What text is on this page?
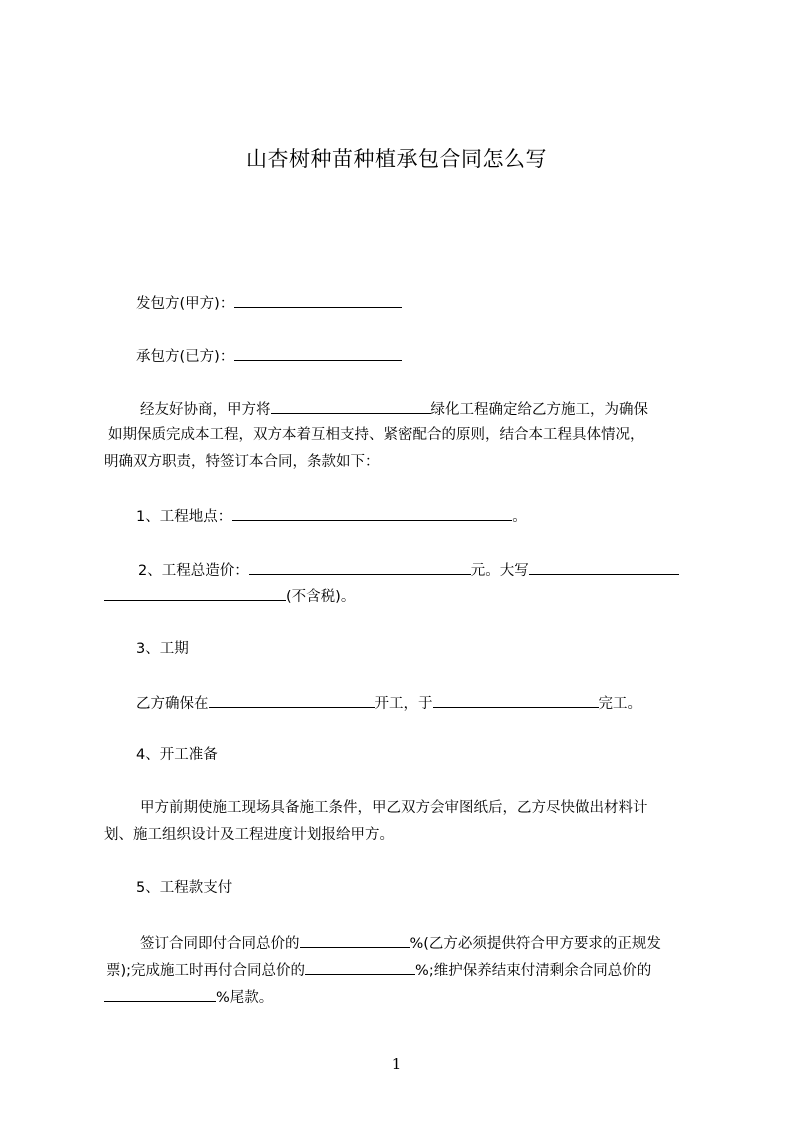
山杏树种苗种植承包合同怎么写
发包方(甲方)：
承包方(已方)：
经友好协商，甲方将	绿化工程确定给乙方施工，为确保
如期保质完成本工程，双方本着互相支持、紧密配合的原则，结合本工程具体情况，
明确双方职责，特签订本合同，条款如下：
1、工程地点：	。
2、工程总造价：	元。大写
(不含税)。
3、工期
乙方确保在	开工，于	完工。
4、开工准备
甲方前期使施工现场具备施工条件，甲乙双方会审图纸后，乙方尽快做出材料计
划、施工组织设计及工程进度计划报给甲方。
5、工程款支付
签订合同即付合同总价的	%(乙方必须提供符合甲方要求的正规发
票);完成施工时再付合同总价的	%;维护保养结束付清剩余合同总价的
%尾款。
1
